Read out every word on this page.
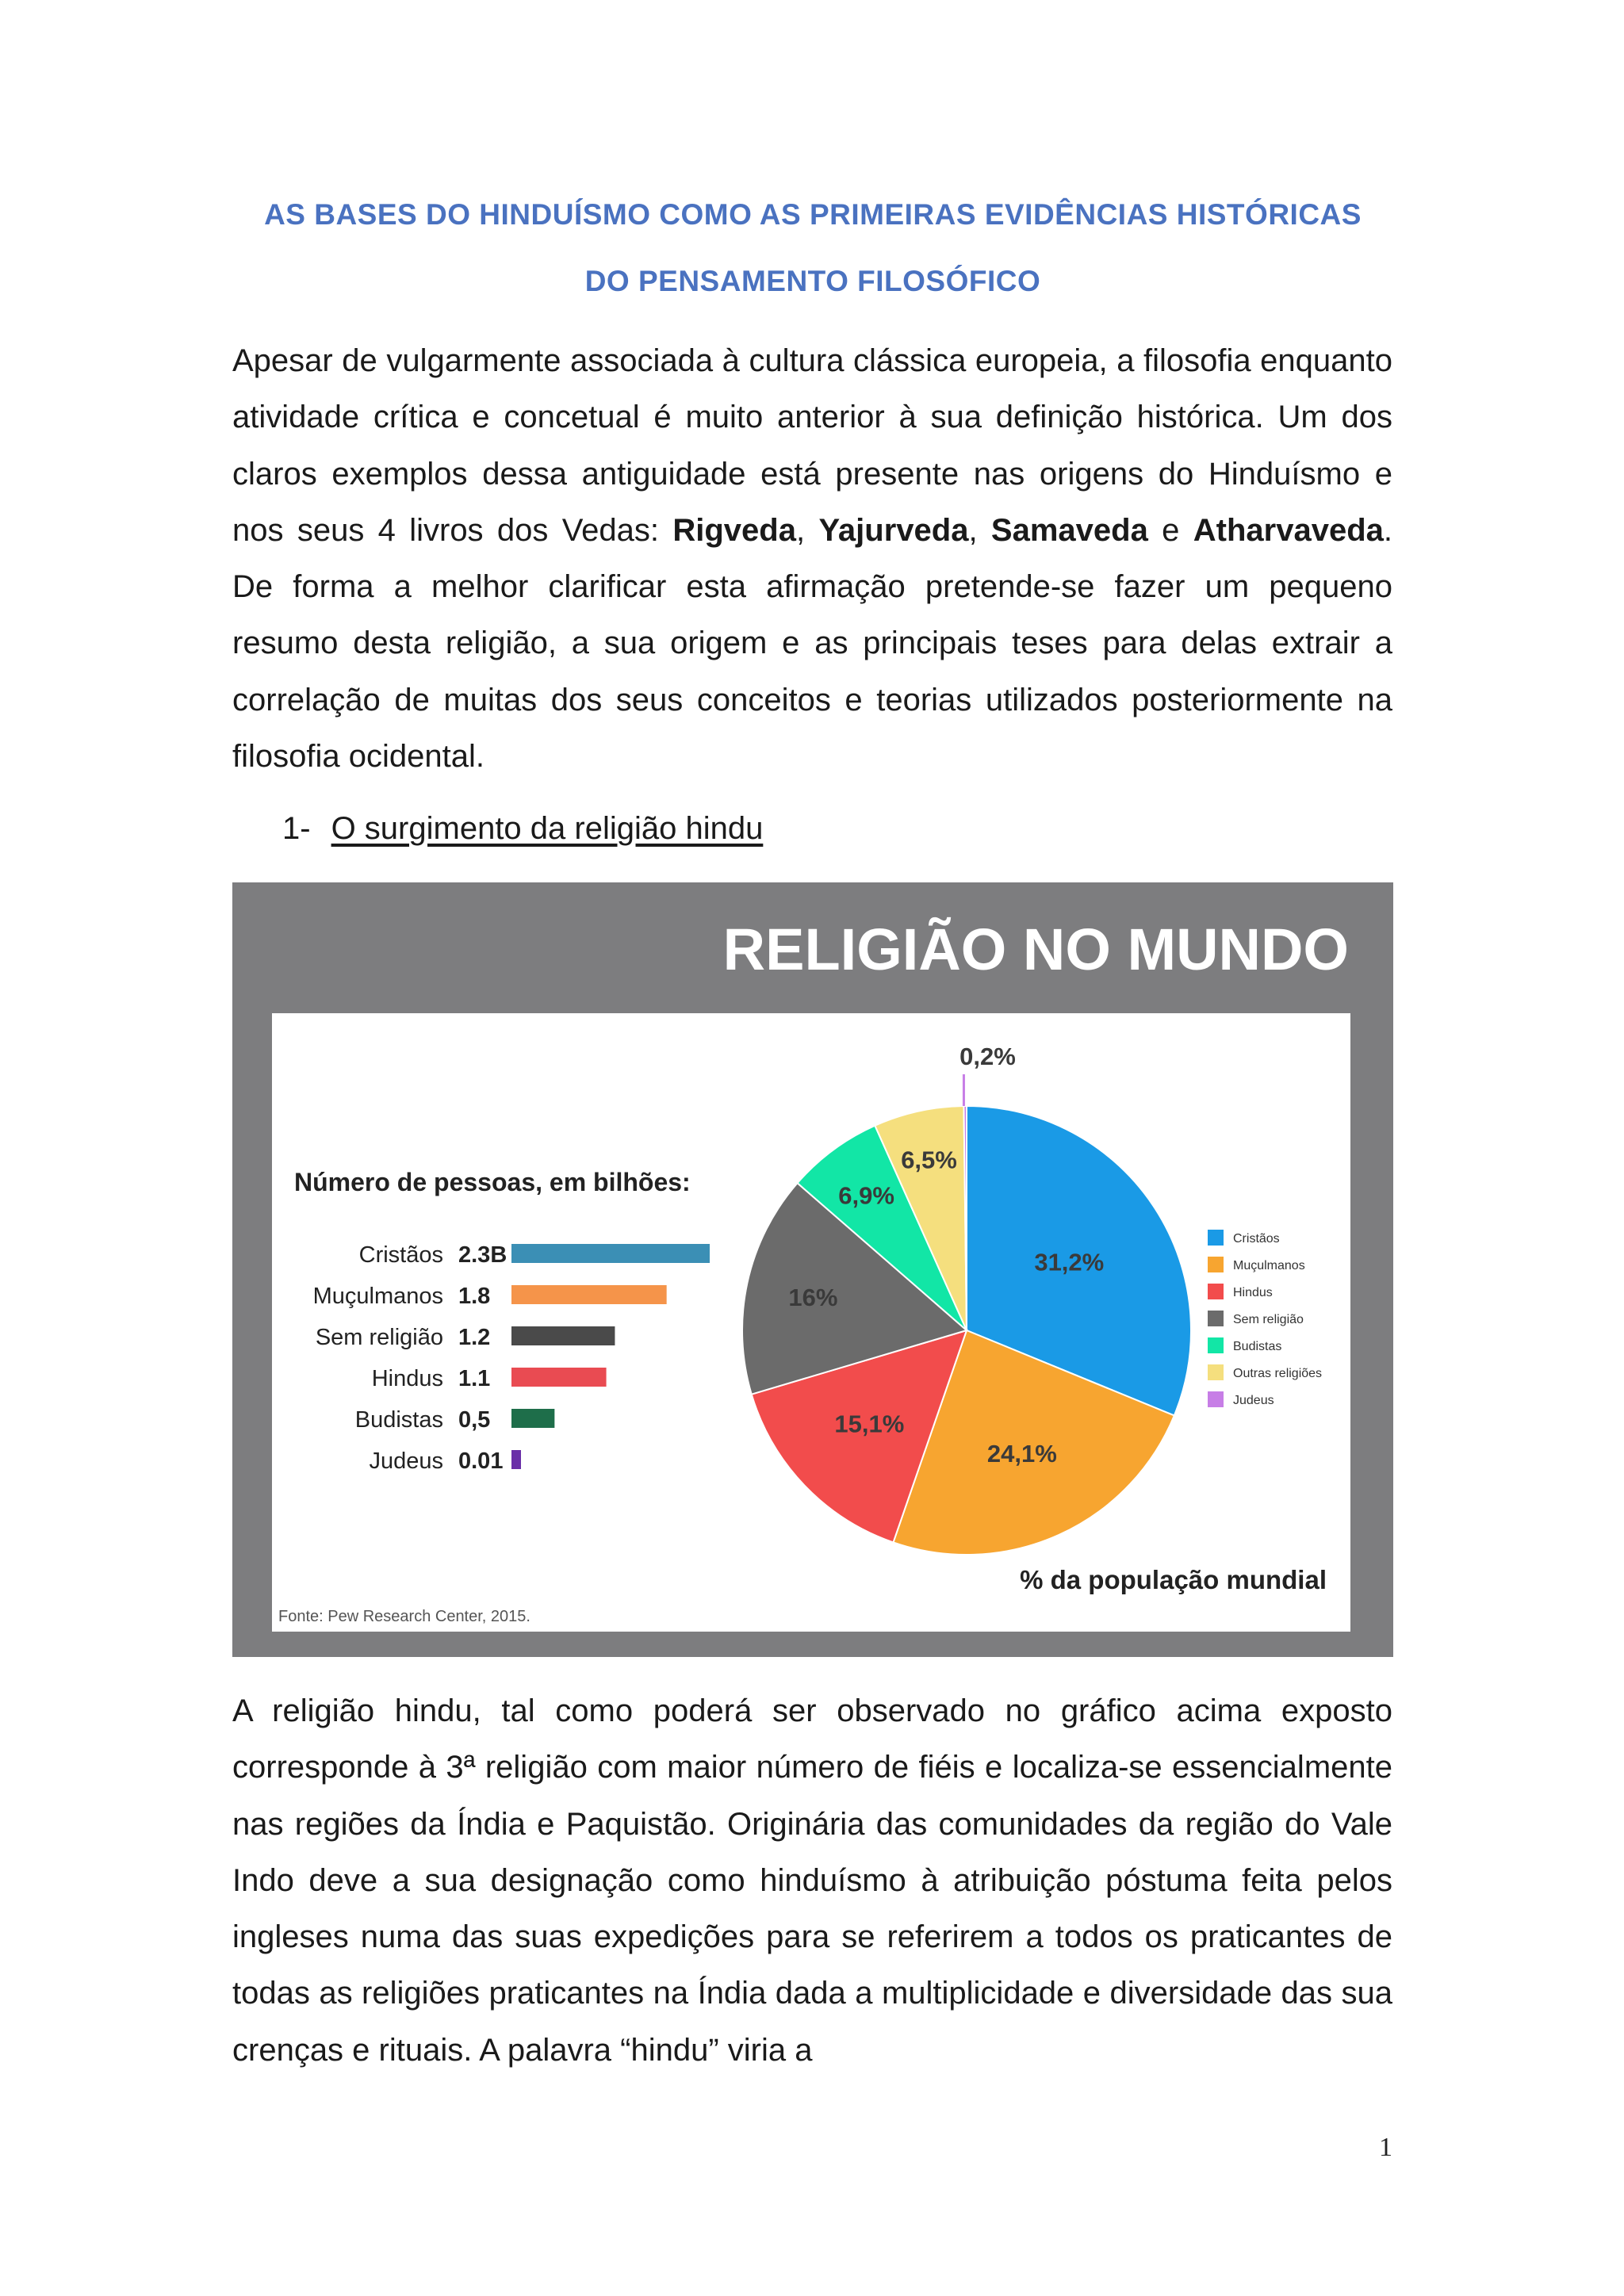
AS BASES DO HINDUÍSMO COMO AS PRIMEIRAS EVIDÊNCIAS HISTÓRICAS
DO PENSAMENTO FILOSÓFICO
Apesar de vulgarmente associada à cultura clássica europeia, a filosofia enquanto atividade crítica e concetual é muito anterior à sua definição histórica. Um dos claros exemplos dessa antiguidade está presente nas origens do Hinduísmo e nos seus 4 livros dos Vedas: Rigveda, Yajurveda, Samaveda e Atharvaveda. De forma a melhor clarificar esta afirmação pretende-se fazer um pequeno resumo desta religião, a sua origem e as principais teses para delas extrair a correlação de muitas dos seus conceitos e teorias utilizados posteriormente na filosofia ocidental.
1- O surgimento da religião hindu
RELIGIÃO NO MUNDO
Número de pessoas, em bilhões:
Cristãos 2.3B
Muçulmanos 1.8
Sem religião 1.2
Hindus 1.1
Budistas 0,5
Judeus 0.01
31,2%
24,1%
15,1%
16%
6,9%
6,5%
0,2%
Cristãos
Muçulmanos
Hindus
Sem religião
Budistas
Outras religiões
Judeus
% da população mundial
Fonte: Pew Research Center, 2015.
A religião hindu, tal como poderá ser observado no gráfico acima exposto corresponde à 3ª religião com maior número de fiéis e localiza-se essencialmente nas regiões da Índia e Paquistão. Originária das comunidades da região do Vale Indo deve a sua designação como hinduísmo à atribuição póstuma feita pelos ingleses numa das suas expedições para se referirem a todos os praticantes de todas as religiões praticantes na Índia dada a multiplicidade e diversidade das sua crenças e rituais. A palavra “hindu” viria a
1
